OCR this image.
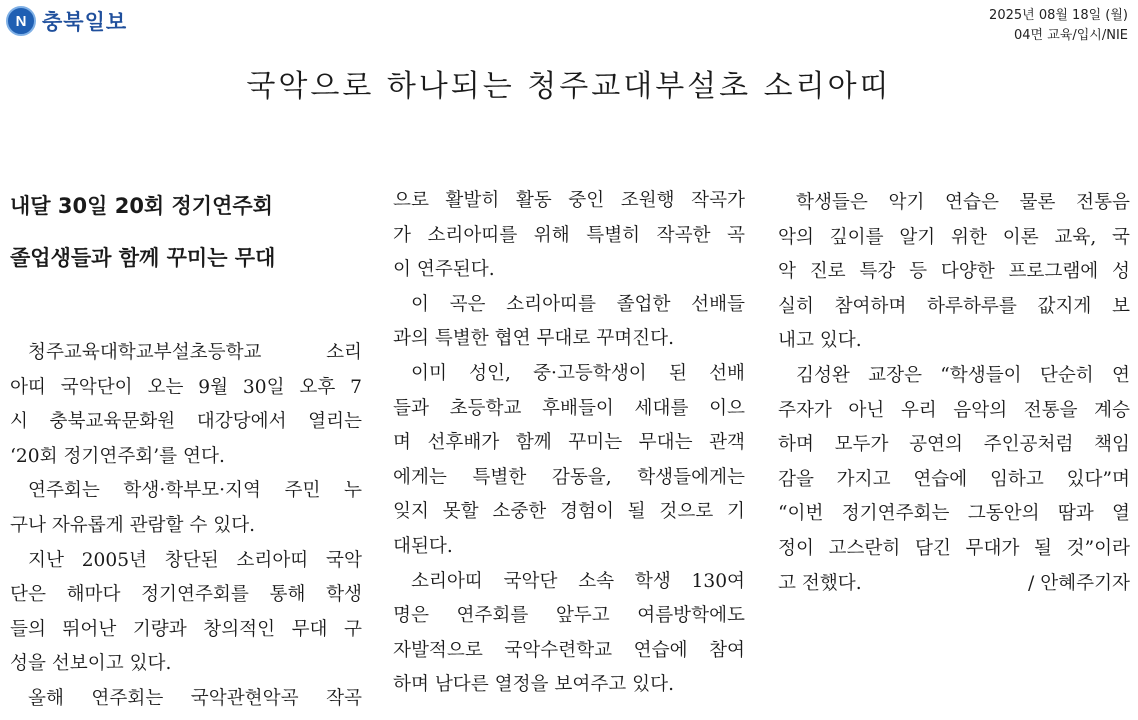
N 충북일보	2025년 08월 18일 (월)
04면 교육/입시/NIE
국악으로 하나되는 청주교대부설초 소리아띠
내달 30일 20회 정기연주회
졸업생들과 함께 꾸미는 무대
청주교육대학교부설초등학교 소리
아띠 국악단이 오는 9월 30일 오후 7
시 충북교육문화원 대강당에서 열리는
‘20회 정기연주회’를 연다.
연주회는 학생·학부모·지역 주민 누
구나 자유롭게 관람할 수 있다.
지난 2005년 창단된 소리아띠 국악
단은 해마다 정기연주회를 통해 학생
들의 뛰어난 기량과 창의적인 무대 구
성을 선보이고 있다.
올해 연주회는 국악관현악곡 작곡
으로 활발히 활동 중인 조원행 작곡가
가 소리아띠를 위해 특별히 작곡한 곡
이 연주된다.
이 곡은 소리아띠를 졸업한 선배들
과의 특별한 협연 무대로 꾸며진다.
이미 성인, 중·고등학생이 된 선배
들과 초등학교 후배들이 세대를 이으
며 선후배가 함께 꾸미는 무대는 관객
에게는 특별한 감동을, 학생들에게는
잊지 못할 소중한 경험이 될 것으로 기
대된다.
소리아띠 국악단 소속 학생 130여
명은 연주회를 앞두고 여름방학에도
자발적으로 국악수련학교 연습에 참여
하며 남다른 열정을 보여주고 있다.
학생들은 악기 연습은 물론 전통음
악의 깊이를 알기 위한 이론 교육, 국
악 진로 특강 등 다양한 프로그램에 성
실히 참여하며 하루하루를 값지게 보
내고 있다.
김성완 교장은 “학생들이 단순히 연
주자가 아닌 우리 음악의 전통을 계승
하며 모두가 공연의 주인공처럼 책임
감을 가지고 연습에 임하고 있다”며
“이번 정기연주회는 그동안의 땀과 열
정이 고스란히 담긴 무대가 될 것”이라
고 전했다.	/ 안혜주기자
